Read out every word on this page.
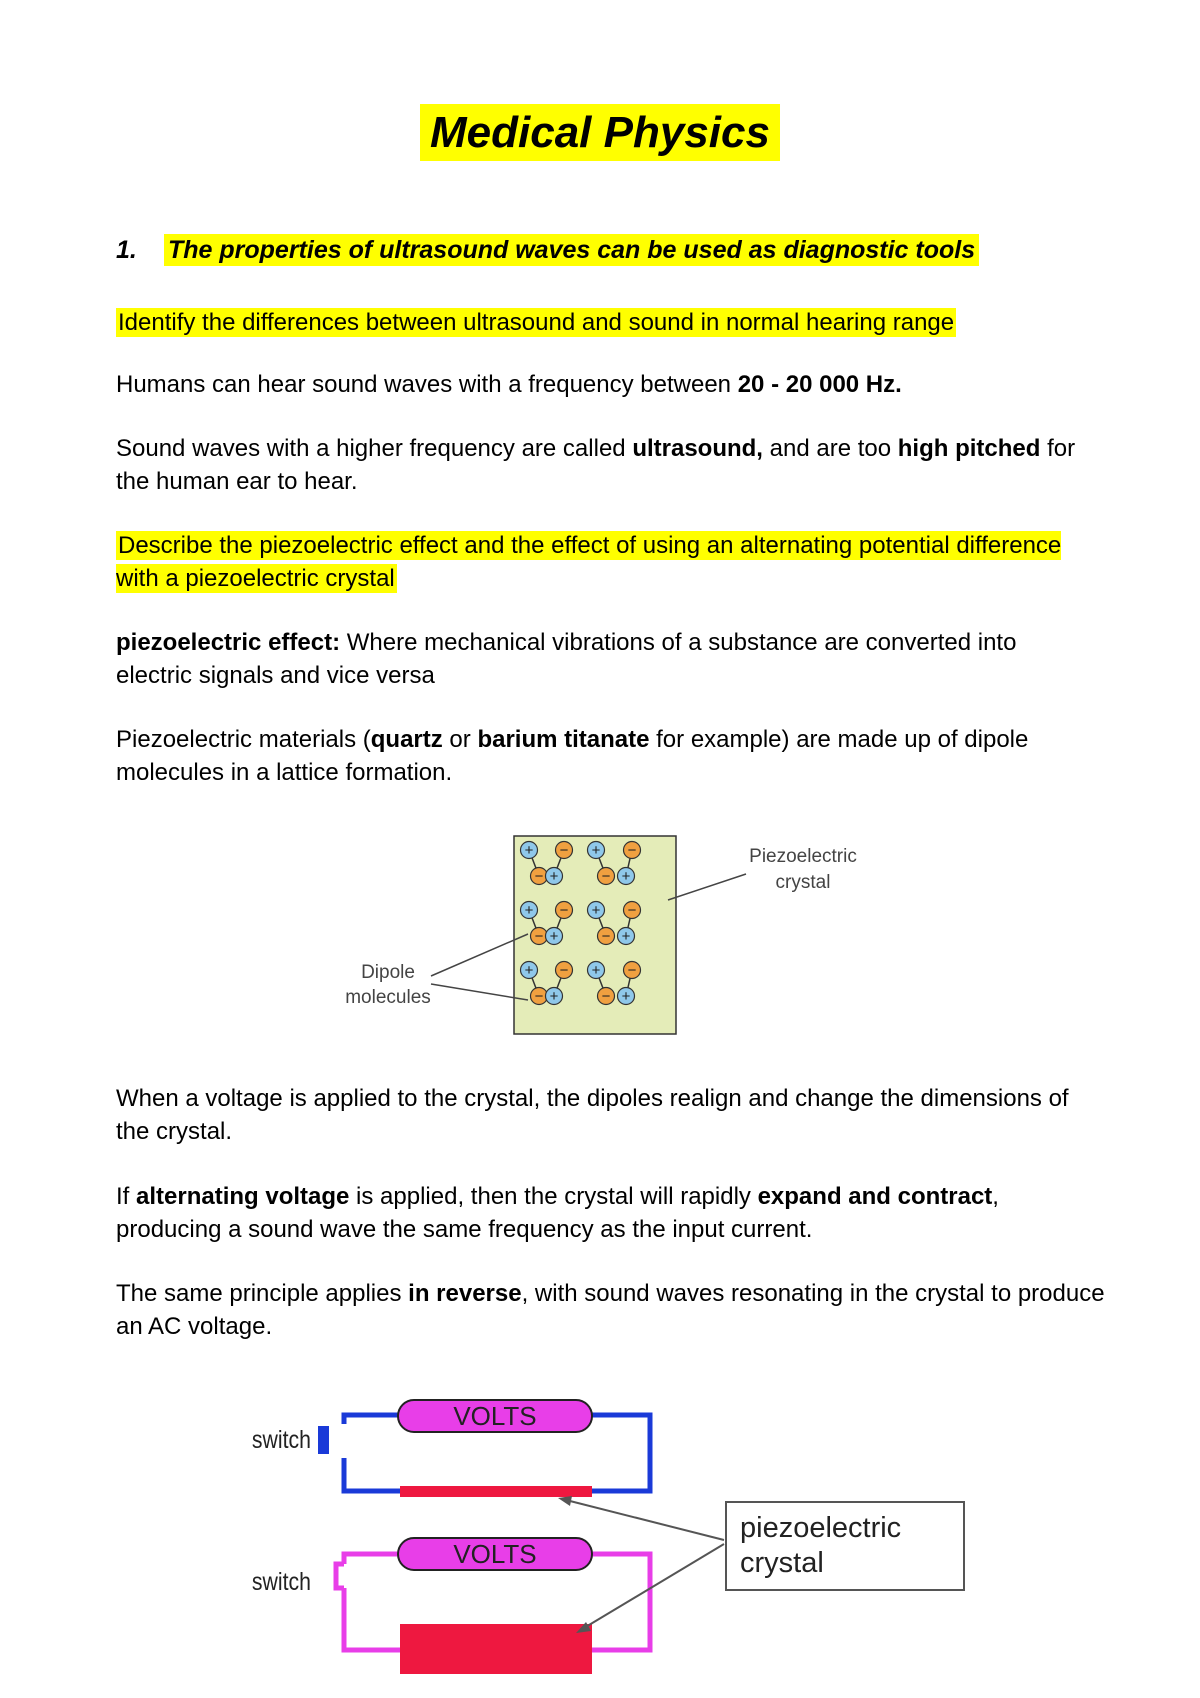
Medical Physics
1. The properties of ultrasound waves can be used as diagnostic tools

Identify the differences between ultrasound and sound in normal hearing range

Humans can hear sound waves with a frequency between 20 - 20 000 Hz.

Sound waves with a higher frequency are called ultrasound, and are too high pitched for the human ear to hear.

Describe the piezoelectric effect and the effect of using an alternating potential difference with a piezoelectric crystal

piezoelectric effect: Where mechanical vibrations of a substance are converted into electric signals and vice versa

Piezoelectric materials (quartz or barium titanate for example) are made up of dipole molecules in a lattice formation.

+
−
−
+
+
−
−
+
+
−
−
+
+
−
−
+
+
−
−
+
+
−
−
+
Piezoelectric
crystal
Dipole
molecules

When a voltage is applied to the crystal, the dipoles realign and change the dimensions of the crystal.

If alternating voltage is applied, then the crystal will rapidly expand and contract, producing a sound wave the same frequency as the input current.

The same principle applies in reverse, with sound waves resonating in the crystal to produce an AC voltage.

VOLTS
switch
VOLTS
switch
piezoelectric
crystal
